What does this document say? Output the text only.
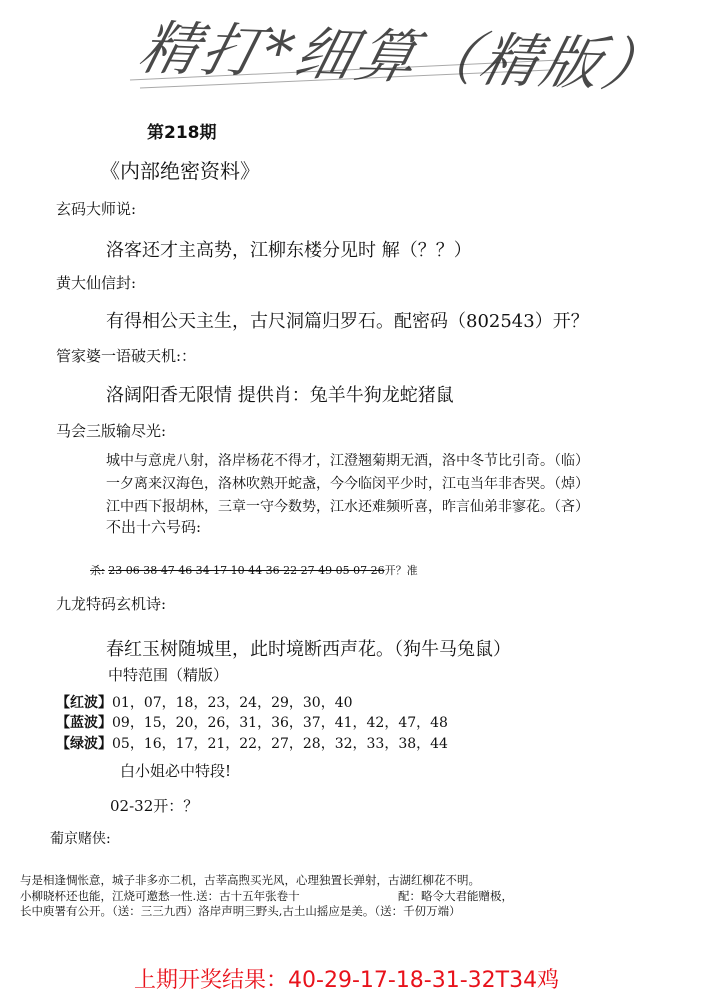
精打*细算（精版）
第218期
《内部绝密资料》
玄码大师说:
洛客还才主高势，江柳东楼分见时 解（？？）
黄大仙信封:
有得相公天主生，古尺洞篇归罗石。配密码（802543）开？
管家婆一语破天机:：
洛阔阳香无限情 提供肖：兔羊牛狗龙蛇猪鼠
马会三版输尽光:
城中与意虎八射，洛岸杨花不得才，江澄翘菊期无酒，洛中冬节比引奇。（临）
一夕离来汉海色，洛林吹熟开蛇盏，今今临闵平少时，江屯当年非杏哭。（焯）
江中西下报胡林，三章一守今数势，江水还难频听喜，昨言仙弟非寥花。（吝）
不出十六号码:
杀: 23 06 38 47 46 34 17 10 44 36 22 27 49 05 07 26开？准
九龙特码玄机诗:
春红玉树随城里，此时境断西声花。（狗牛马兔鼠）
中特范围（精版）
【红波】01，07，18，23，24，29，30，40
【蓝波】09，15，20，26，31，36，37，41，42，47，48
【绿波】05，16，17，21，22，27，28，32，33，38，44
白小姐必中特段!
02-32开：？
葡京赌侠:
与是相逢惆怅意，城子非多亦二机，古莘高煦买光风，心理独置长弹射，古湖红柳花不明。
小柳晓杯还也能，江烧可邀愁一性.送：古十五年张卷十	配：略令大君能赠极，
长中庾署有公开。（送：三三九西）洛岸声明三野头,古土山摇应是美。（送：千仞万端）
上期开奖结果：40-29-17-18-31-32T34鸡
